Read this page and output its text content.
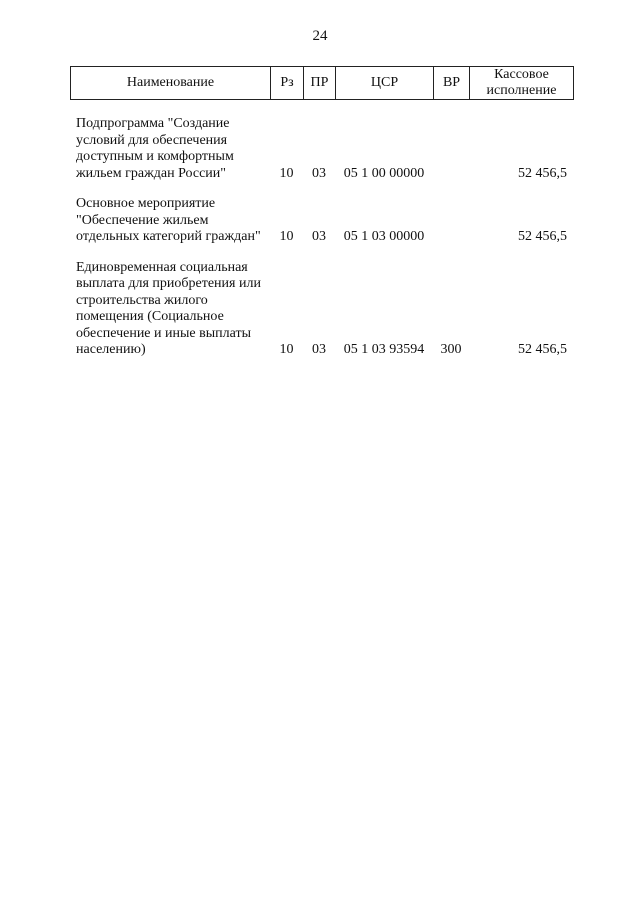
24
Наименование	Рз	ПР	ЦСР	ВР	Кассовое исполнение
Подпрограмма "Создание условий для обеспечения доступным и комфортным жильем граждан России"	10	03	05 1 00 00000		52 456,5
Основное мероприятие "Обеспечение жильем отдельных категорий граждан"	10	03	05 1 03 00000		52 456,5
Единовременная социальная выплата для приобретения или строительства жилого помещения (Социальное обеспечение и иные выплаты населению)	10	03	05 1 03 93594	300	52 456,5
